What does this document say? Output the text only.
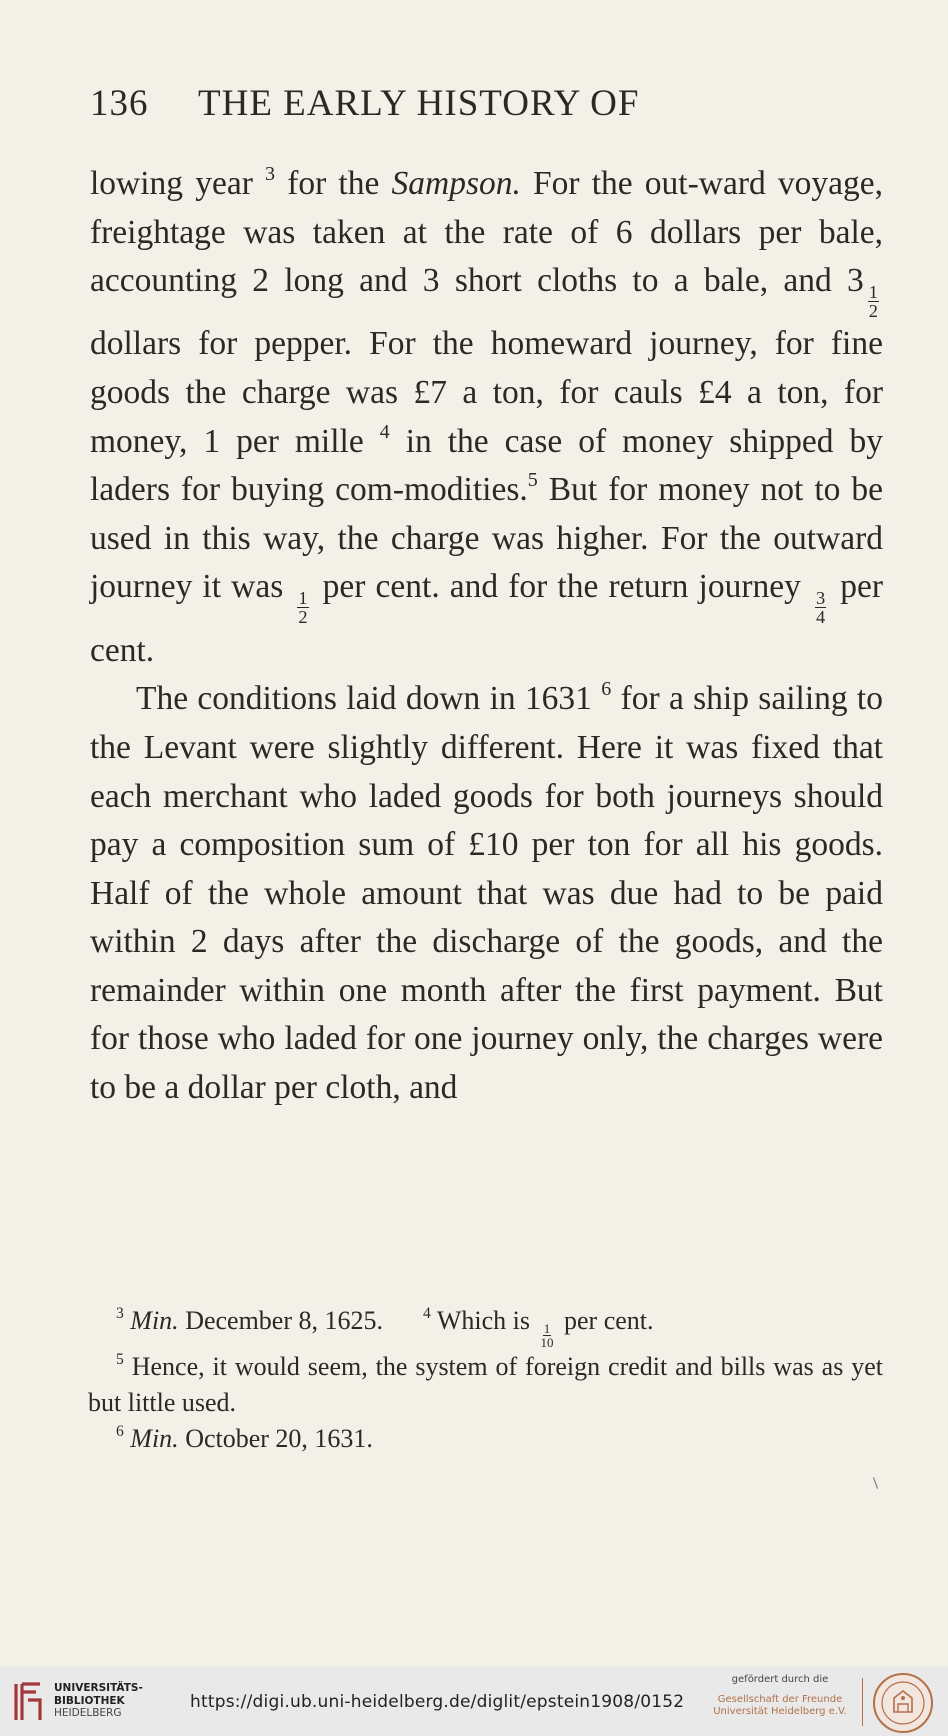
136 THE EARLY HISTORY OF

lowing year $^3$ for the Sampson. For the out-ward voyage, freightage was taken at the rate of 6 dollars per bale, accounting 2 long and 3 short cloths to a bale, and 3
$\frac{1}{2}$
dollars for pepper. For the homeward journey, for fine goods the charge was £7 a ton, for cauls £4 a ton, for money, 1 per mille $^4$ in the case of money shipped by laders for buying com-modities.$^5$ But for money not to be used in this way, the charge was higher. For the outward journey it was
$\frac{1}{2}$
per cent. and for the return journey
$\frac{3}{4}$
per cent.

The conditions laid down in 1631 $^6$ for a ship sailing to the Levant were slightly different. Here it was fixed that each merchant who laded goods for both journeys should pay a composition sum of £10 per ton for all his goods. Half of the whole amount that was due had to be paid within 2 days after the discharge of the goods, and the remainder within one month after the first payment. But for those who laded for one journey only, the charges were to be a dollar per cloth, and

$^3$ Min. December 8, 1625.	$^4$ Which is
$\frac{1}{10}$
per cent.

$^5$ Hence, it would seem, the system of foreign credit and bills was as yet but little used.

$^6$ Min. October 20, 1631.

UNIVERSITÄTS-
BIBLIOTHEK
HEIDELBERG
https://digi.ub.uni-heidelberg.de/diglit/epstein1908/0152
gefördert durch die
Gesellschaft der Freunde
Universität Heidelberg e.V.
